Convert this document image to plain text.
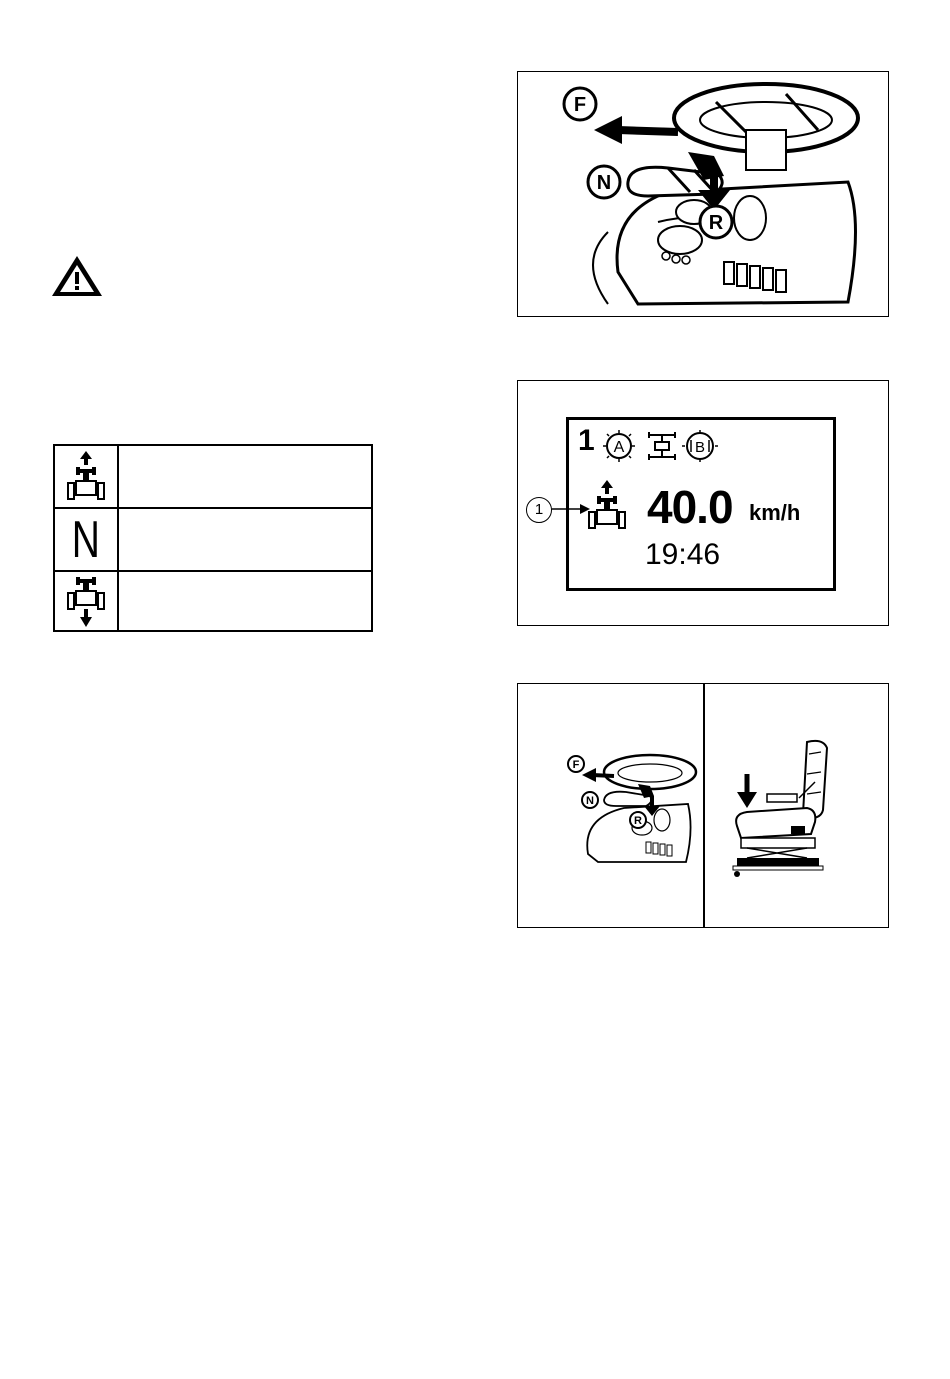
N
F
N
R
1 A	B
40.0 km/h
19:46
1
F
N
R
